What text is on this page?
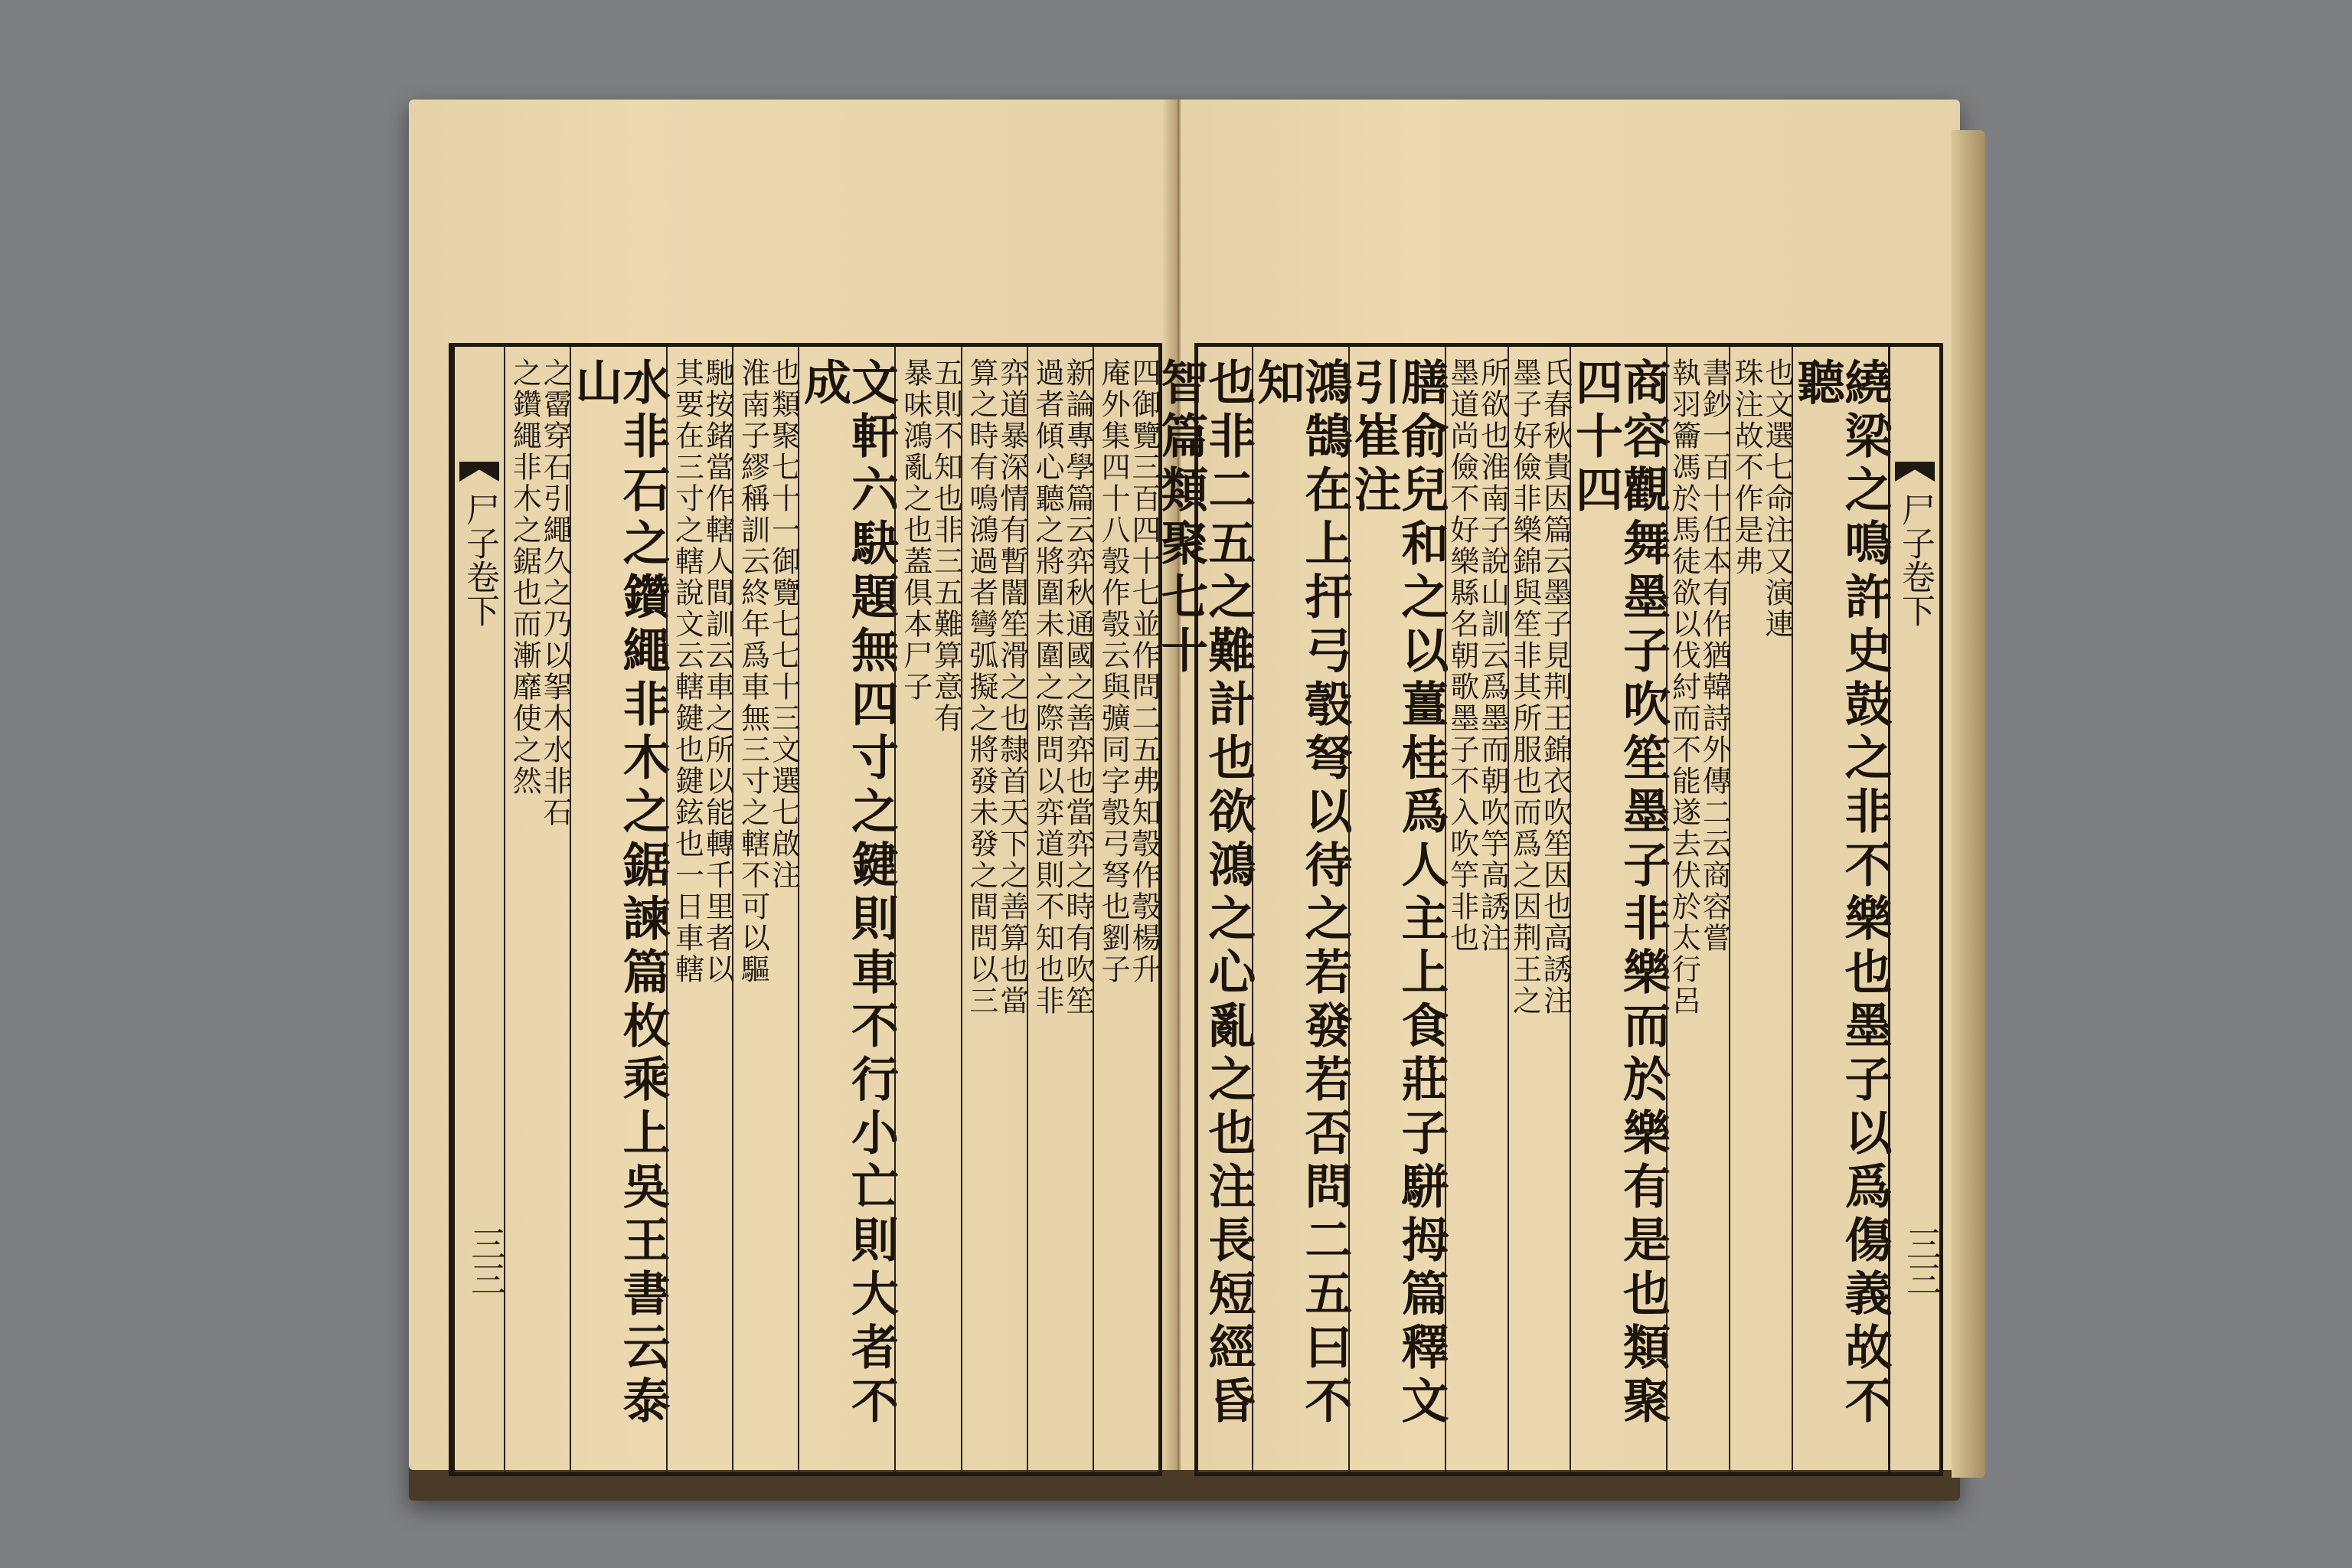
四御覽三百四十七並作問二五弗知彀作彀楊升
庵外集四十八彀作彀云與彍同字彀弓弩也劉子
新論專學篇云弈秋通國之善弈也當弈之時有吹笙
過者傾心聽之將圍未圍之際問以弈道則不知也非
弈道暴深情有暫闇笙滑之也隸首天下之善算也當
算之時有鳴鴻過者彎弧擬之將發未發之間問以三
五則不知也非三五難算意有
暴味鴻亂之也蓋俱本尸子
文軒六駃題無四寸之鍵則車不行小亡則大者不成
也類聚七十一御覽七七十三文選七啟注
淮南子繆稱訓云終年爲車無三寸之轄不可以驅
馳按鍺當作轄人間訓云車之所以能轉千里者以
其要在三寸之轄說文云轄鍵也鍵鉉也一日車轄
水非石之鑽繩非木之鋸諫篇枚乘上吳王書云泰山
之霤穿石引繩久之乃以挐木水非石
之鑽繩非木之鋸也而漸靡使之然
尸子卷下
三三
尸子卷下
三三
繞梁之鳴許史鼓之非不樂也墨子以爲傷義故不聽
也文選七命注又演連
珠注故不作是弗
書鈔一百十任本有作猶韓詩外傳二云商容嘗
執羽籥馮於馬徒欲以伐紂而不能遂去伏於太行呂
商容觀舞墨子吹笙墨子非樂而於樂有是也類聚四十四
氏春秋貴因篇云墨子見荆王錦衣吹笙因也高誘注
墨子好儉非樂錦與笙非其所服也而爲之因荆王之
所欲也淮南子說山訓云爲墨而朝吹竽高誘注
墨道尚儉不好樂縣名朝歌墨子不入吹竽非也
膳俞兒和之以薑桂爲人主上食莊子駢拇篇釋文引崔注
鴻鵠在上扞弓彀弩以待之若發若否問二五曰不知
也非二五之難計也欲鴻之心亂之也注長短經昏智篇類聚七十
